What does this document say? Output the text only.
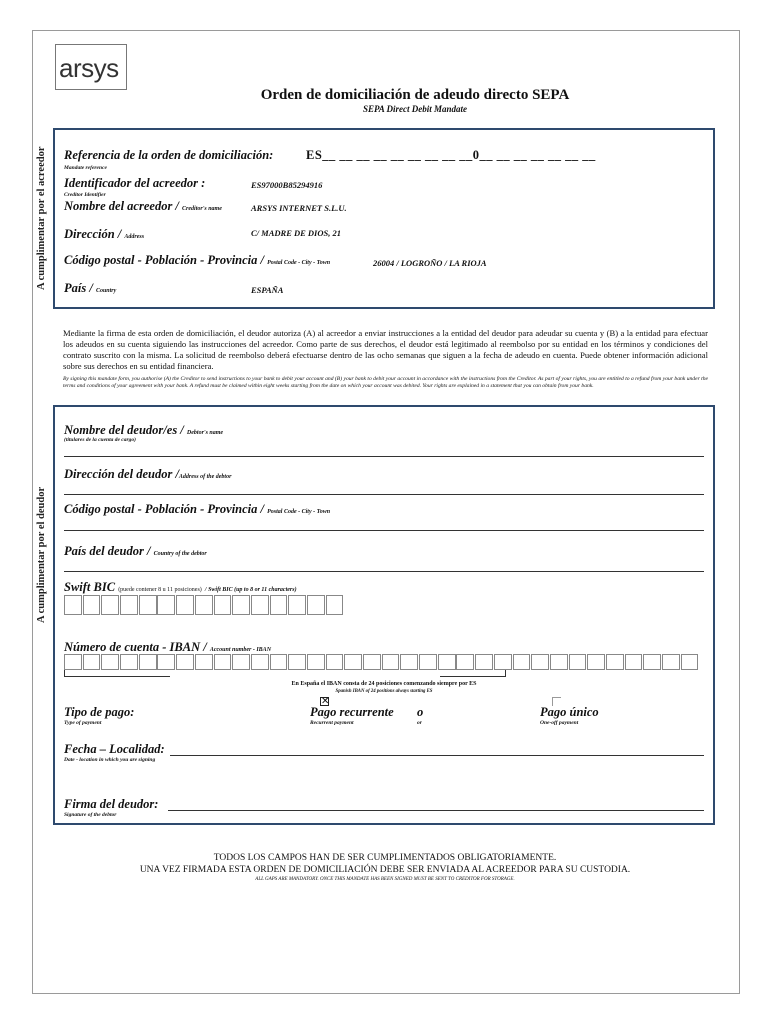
arsys
Orden de domiciliación de adeudo directo SEPA
SEPA Direct Debit Mandate
A cumplimentar por el acreedor	Referencia de la orden de domiciliación:
Mandate reference
ES__ __ __ __ __ __ __ __ __0__ __ __ __ __ __ __
Identificador del acreedor :
Creditor Identifier
ES97000B85294916
Nombre del acreedor / Creditor's name	ARSYS INTERNET S.L.U.
Dirección / Address	C/ MADRE DE DIOS, 21
Código postal - Población - Provincia / Postal Code - City - Town	26004 / LOGROÑO / LA RIOJA
País / Country	ESPAÑA
Mediante la firma de esta orden de domiciliación, el deudor autoriza (A) al acreedor a enviar instrucciones a la entidad del deudor para adeudar su cuenta y (B) a la entidad para efectuar los adeudos en su cuenta siguiendo las instrucciones del acreedor. Como parte de sus derechos, el deudor está legitimado al reembolso por su entidad en los términos y condiciones del contrato suscrito con la misma. La solicitud de reembolso deberá efectuarse dentro de las ocho semanas que siguen a la fecha de adeudo en cuenta. Puede obtener información adicional sobre sus derechos en su entidad financiera.
By signing this mandate form, you authorise (A) the Creditor to send instructions to your bank to debit your account and (B) your bank to debit your account in accordance with the instructions from the Creditor. As part of your rights, you are entitled to a refund from your bank under the terms and conditions of your agreement with your bank. A refund must be claimed within eight weeks starting from the date on which your account was debited. Your rights are explained in a statement that you can obtain from your bank.
A cumplimentar por el deudor

Nombre del deudor/es / Debtor's name
(titulares de la cuenta de cargo)
Dirección del deudor /Address of the debtor
Código postal - Población - Provincia / Postal Code - City - Town
País del deudor / Country of the debtor
Swift BIC (puede contener 8 u 11 posiciones) / Swift BIC (up to 8 or 11 characters)
Número de cuenta - IBAN / Account number - IBAN
En España el IBAN consta de 24 posiciones comenzando siempre por ES
Spanish IBAN of 24 positions always starting ES
Tipo de pago:
Type of payment
✕
Pago recurrente
Recurrent payment
o
or
Pago único
One-off payment
Fecha – Localidad:
Date - location in which you are signing
Firma del deudor:
Signature of the debtor
TODOS LOS CAMPOS HAN DE SER CUMPLIMENTADOS OBLIGATORIAMENTE.
UNA VEZ FIRMADA ESTA ORDEN DE DOMICILIACIÓN DEBE SER ENVIADA AL ACREEDOR PARA SU CUSTODIA.
ALL GAPS ARE MANDATORY. ONCE THIS MANDATE HAS BEEN SIGNED MUST BE SENT TO CREDITOR FOR STORAGE.
